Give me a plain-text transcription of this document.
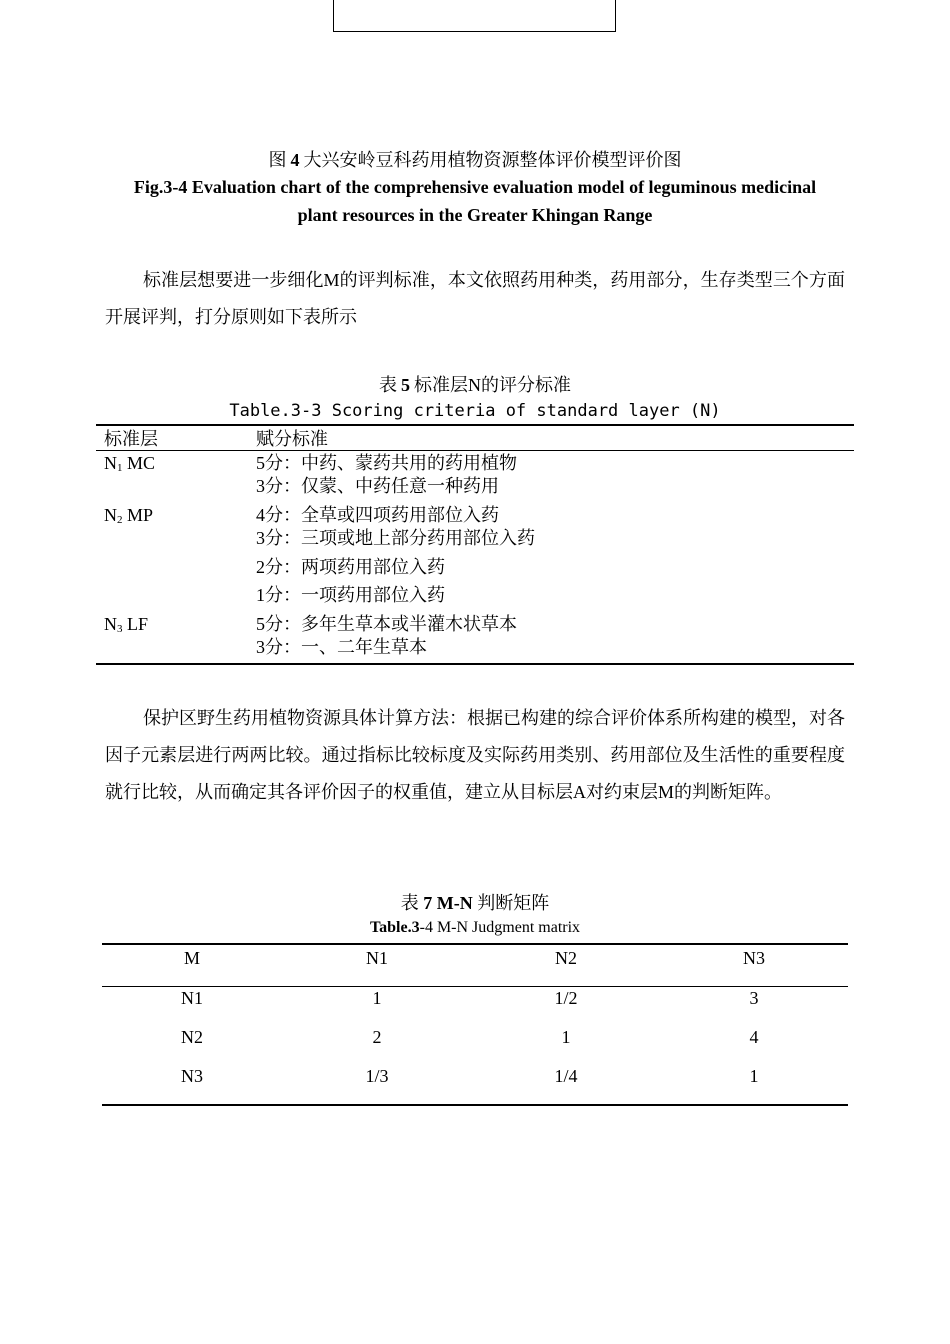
图 4 大兴安岭豆科药用植物资源整体评价模型评价图
Fig.3-4 Evaluation chart of the comprehensive evaluation model of leguminous medicinal
plant resources in the Greater Khingan Range
标准层想要进一步细化M的评判标准，本文依照药用种类，药用部分，生存类型三个方面开展评判，打分原则如下表所示
表 5 标准层N的评分标准
Table.3-3 Scoring criteria of standard layer (N)
标准层	赋分标准
N1 MC	5分：中药、蒙药共用的药用植物
3分：仅蒙、中药任意一种药用
N2 MP	4分：全草或四项药用部位入药
3分：三项或地上部分药用部位入药
2分：两项药用部位入药
1分：一项药用部位入药
N3 LF	5分：多年生草本或半灌木状草本
3分：一、二年生草本
保护区野生药用植物资源具体计算方法：根据已构建的综合评价体系所构建的模型，对各因子元素层进行两两比较。通过指标比较标度及实际药用类别、药用部位及生活性的重要程度就行比较，从而确定其各评价因子的权重值，建立从目标层A对约束层M的判断矩阵。
表 7 M-N 判断矩阵
Table.3-4 M-N Judgment matrix
M	N1	N2	N3
N1	1	1/2	3
N2	2	1	4
N3	1/3	1/4	1
